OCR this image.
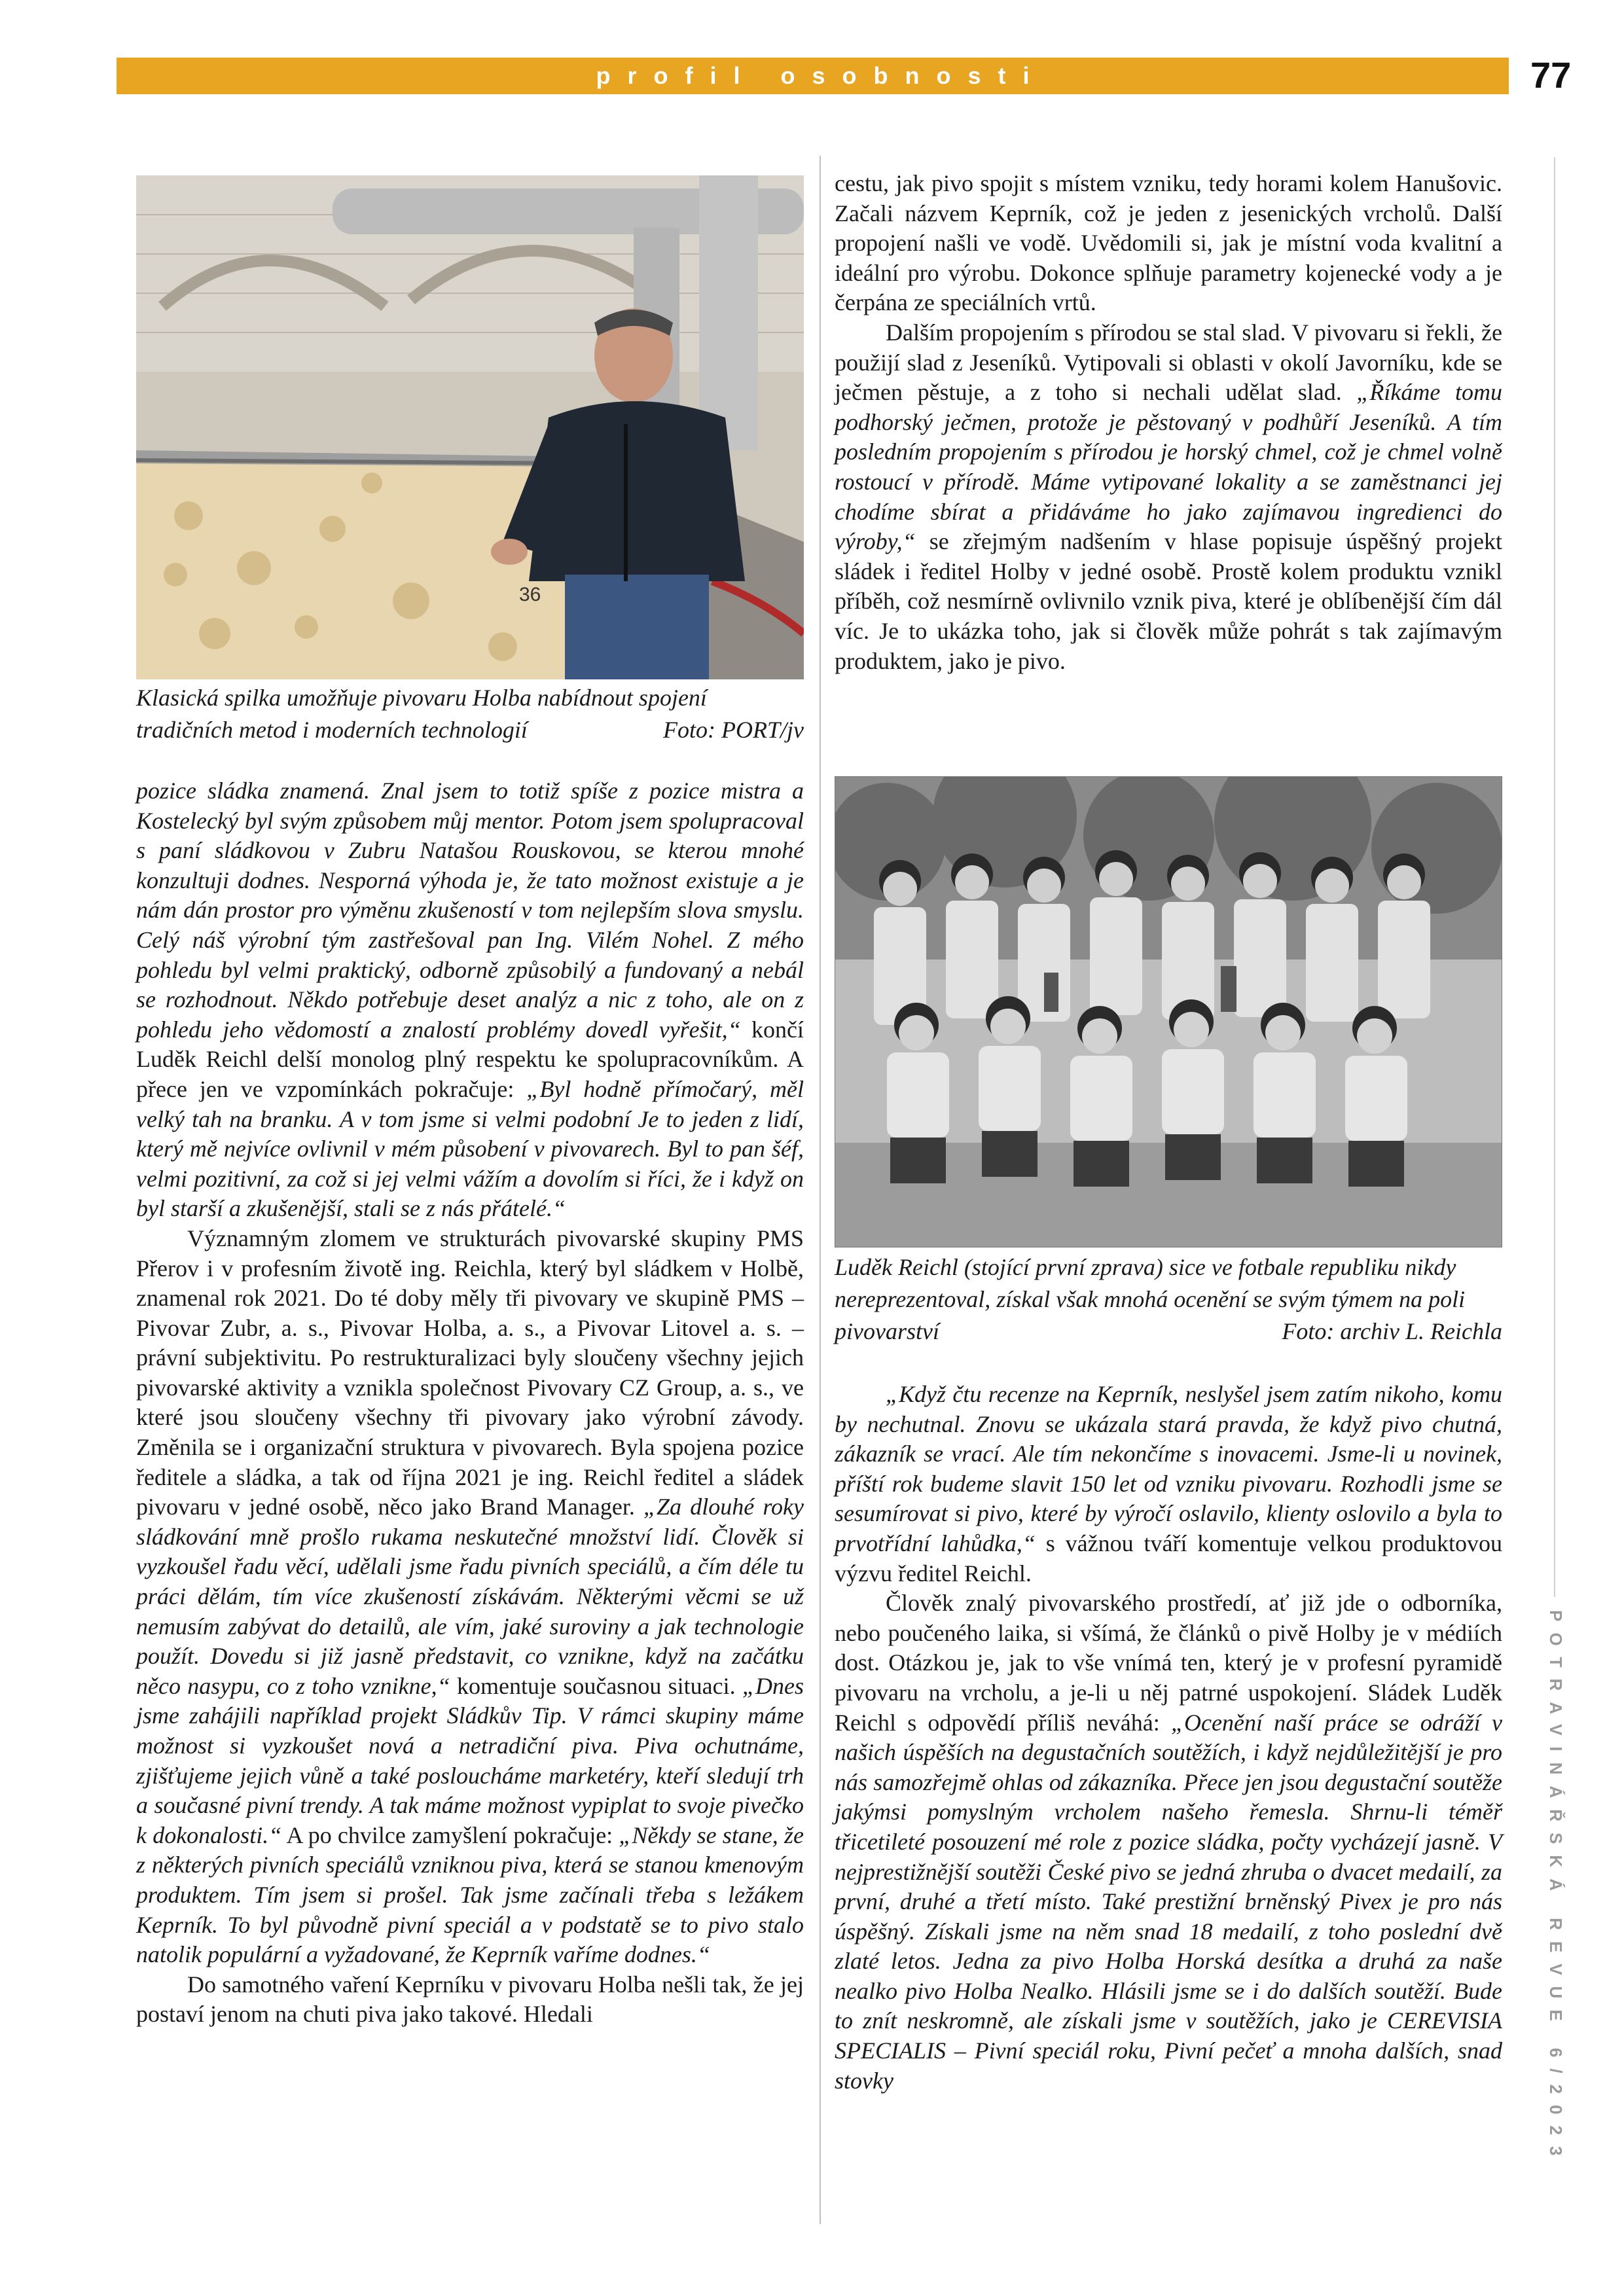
profil osobnosti	77
36
Klasická spilka umožňuje pivovaru Holba nabídnout spojení tradičních metod i moderních technologií	Foto: PORT/jv

pozice sládka znamená. Znal jsem to totiž spíše z pozice mistra a Kostelecký byl svým způsobem můj mentor. Potom jsem spolupracoval s paní sládkovou v Zubru Natašou Rouskovou, se kterou mnohé konzultuji dodnes. Nesporná výhoda je, že tato možnost existuje a je nám dán prostor pro výměnu zkušeností v tom nejlepším slova smyslu. Celý náš výrobní tým zastřešoval pan Ing. Vilém Nohel. Z mého pohledu byl velmi praktický, odborně způsobilý a fundovaný a nebál se rozhodnout. Někdo potřebuje deset analýz a nic z toho, ale on z pohledu jeho vědomostí a znalostí problémy dovedl vyřešit,“ končí Luděk Reichl delší monolog plný respektu ke spolupracovníkům. A přece jen ve vzpomínkách pokračuje: „Byl hodně přímočarý, měl velký tah na branku. A v tom jsme si velmi podobní Je to jeden z lidí, který mě nejvíce ovlivnil v mém působení v pivovarech. Byl to pan šéf, velmi pozitivní, za což si jej velmi vážím a dovolím si říci, že i když on byl starší a zkušenější, stali se z nás přátelé.“

Významným zlomem ve strukturách pivovarské skupiny PMS Přerov i v profesním životě ing. Reichla, který byl sládkem v Holbě, znamenal rok 2021. Do té doby měly tři pivovary ve skupině PMS – Pivovar Zubr, a. s., Pivovar Holba, a. s., a Pivovar Litovel a. s. – právní subjektivitu. Po restrukturalizaci byly sloučeny všechny jejich pivovarské aktivity a vznikla společnost Pivovary CZ Group, a. s., ve které jsou sloučeny všechny tři pivovary jako výrobní závody. Změnila se i organizační struktura v pivovarech. Byla spojena pozice ředitele a sládka, a tak od října 2021 je ing. Reichl ředitel a sládek pivovaru v jedné osobě, něco jako Brand Manager. „Za dlouhé roky sládkování mně prošlo rukama neskutečné množství lidí. Člověk si vyzkoušel řadu věcí, udělali jsme řadu pivních speciálů, a čím déle tu práci dělám, tím více zkušeností získávám. Některými věcmi se už nemusím zabývat do detailů, ale vím, jaké suroviny a jak technologie použít. Dovedu si již jasně představit, co vznikne, když na začátku něco nasypu, co z toho vznikne,“ komentuje současnou situaci. „Dnes jsme zahájili například projekt Sládkův Tip. V rámci skupiny máme možnost si vyzkoušet nová a netradiční piva. Piva ochutnáme, zjišťujeme jejich vůně a také posloucháme marketéry, kteří sledují trh a současné pivní trendy. A tak máme možnost vypiplat to svoje pivečko k dokonalosti.“ A po chvilce zamyšlení pokračuje: „Někdy se stane, že z některých pivních speciálů vzniknou piva, která se stanou kmenovým produktem. Tím jsem si prošel. Tak jsme začínali třeba s ležákem Keprník. To byl původně pivní speciál a v podstatě se to pivo stalo natolik populární a vyžadované, že Keprník vaříme dodnes.“

Do samotného vaření Keprníku v pivovaru Holba nešli tak, že jej postaví jenom na chuti piva jako takové. Hledali

cestu, jak pivo spojit s místem vzniku, tedy horami kolem Hanušovic. Začali názvem Keprník, což je jeden z jesenických vrcholů. Další propojení našli ve vodě. Uvědomili si, jak je místní voda kvalitní a ideální pro výrobu. Dokonce splňuje parametry kojenecké vody a je čerpána ze speciálních vrtů.

Dalším propojením s přírodou se stal slad. V pivovaru si řekli, že použijí slad z Jeseníků. Vytipovali si oblasti v okolí Javorníku, kde se ječmen pěstuje, a z toho si nechali udělat slad. „Říkáme tomu podhorský ječmen, protože je pěstovaný v podhůří Jeseníků. A tím posledním propojením s přírodou je horský chmel, což je chmel volně rostoucí v přírodě. Máme vytipované lokality a se zaměstnanci jej chodíme sbírat a přidáváme ho jako zajímavou ingredienci do výroby,“ se zřejmým nadšením v hlase popisuje úspěšný projekt sládek i ředitel Holby v jedné osobě. Prostě kolem produktu vznikl příběh, což nesmírně ovlivnilo vznik piva, které je oblíbenější čím dál víc. Je to ukázka toho, jak si člověk může pohrát s tak zajímavým produktem, jako je pivo.

Luděk Reichl (stojící první zprava) sice ve fotbale republiku nikdy nereprezentoval, získal však mnohá ocenění se svým týmem na poli pivovarství	Foto: archiv L. Reichla

„Když čtu recenze na Keprník, neslyšel jsem zatím nikoho, komu by nechutnal. Znovu se ukázala stará pravda, že když pivo chutná, zákazník se vrací. Ale tím nekončíme s inovacemi. Jsme-li u novinek, příští rok budeme slavit 150 let od vzniku pivovaru. Rozhodli jsme se sesumírovat si pivo, které by výročí oslavilo, klienty oslovilo a byla to prvotřídní lahůdka,“ s vážnou tváří komentuje velkou produktovou výzvu ředitel Reichl.

Člověk znalý pivovarského prostředí, ať již jde o odborníka, nebo poučeného laika, si všímá, že článků o pivě Holby je v médiích dost. Otázkou je, jak to vše vnímá ten, který je v profesní pyramidě pivovaru na vrcholu, a je-li u něj patrné uspokojení. Sládek Luděk Reichl s odpovědí příliš neváhá: „Ocenění naší práce se odráží v našich úspěších na degustačních soutěžích, i když nejdůležitější je pro nás samozřejmě ohlas od zákazníka. Přece jen jsou degustační soutěže jakýmsi pomyslným vrcholem našeho řemesla. Shrnu-li téměř třicetileté posouzení mé role z pozice sládka, počty vycházejí jasně. V nejprestižnější soutěži České pivo se jedná zhruba o dvacet medailí, za první, druhé a třetí místo. Také prestižní brněnský Pivex je pro nás úspěšný. Získali jsme na něm snad 18 medailí, z toho poslední dvě zlaté letos. Jedna za pivo Holba Horská desítka a druhá za naše nealko pivo Holba Nealko. Hlásili jsme se i do dalších soutěží. Bude to znít neskromně, ale získali jsme v soutěžích, jako je CEREVISIA SPECIALIS – Pivní speciál roku, Pivní pečeť a mnoha dalších, snad stovky	POTRAVINÁŘSKÁ REVUE 6/2023
